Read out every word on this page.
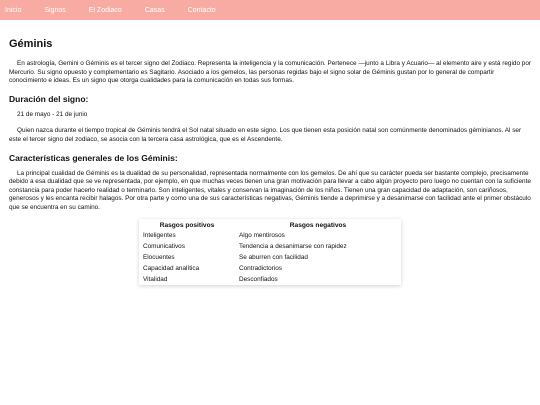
Inicio	Signos	El Zodiaco	Casas	Contacto
Géminis

En astrología, Gemini o Géminis es el tercer signo del Zodiaco. Representa la inteligencia y la comunicación. Pertenece —junto a Libra y Acuario— al elemento aire y está regido por Mercurio. Su signo opuesto y complementario es Sagitario. Asociado a los gemelos, las personas regidas bajo el signo solar de Géminis gustan por lo general de compartir conocimiento e ideas. Es un signo que otorga cualidades para la comunicación en todas sus formas.

Duración del signo:

21 de mayo - 21 de junio

Quien nazca durante el tiempo tropical de Géminis tendrá el Sol natal situado en este signo. Los que tienen esta posición natal son comúnmente denominados géminianos. Al ser este el tercer signo del zodiaco, se asocia con la tercera casa astrológica, que es el Ascendente.

Características generales de los Géminis:

La principal cualidad de Géminis es la dualidad de su personalidad, representada normalmente con los gemelos. De ahí que su carácter pueda ser bastante complejo, precisamente debido a esa dualidad que se ve representada, por ejemplo, en que muchas veces tienen una gran motivación para llevar a cabo algún proyecto pero luego no cuentan con la suficiente constancia para poder hacerlo realidad o terminarlo. Son inteligentes, vitales y conservan la imaginación de los niños. Tienen una gran capacidad de adaptación, son cariñosos, generosos y les encanta recibir halagos. Por otra parte y como una de sus características negativas, Géminis tiende a deprimirse y a desanimarse con facilidad ante el primer obstáculo que se encuentra en su camino.

Rasgos positivos	Rasgos negativos
Inteligentes	Algo mentirosos
Comunicativos	Tendencia a desanimarse con rapidez
Elocuentes	Se aburren con facilidad
Capacidad analítica	Contradictorios
Vitalidad	Desconfiados
